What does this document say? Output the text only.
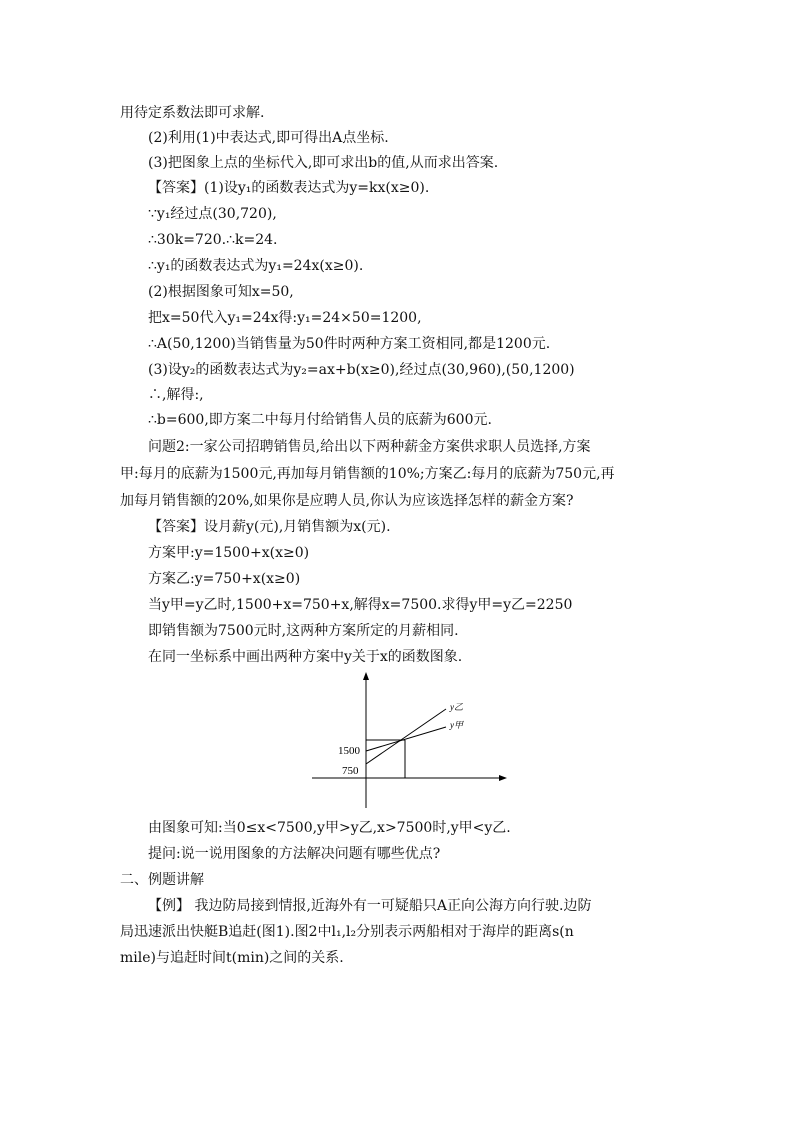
用待定系数法即可求解.
(2)利用(1)中表达式,即可得出A点坐标.
(3)把图象上点的坐标代入,即可求出b的值,从而求出答案.
【答案】(1)设y₁的函数表达式为y=kx(x≥0).
∵y₁经过点(30,720),
∴30k=720.∴k=24.
∴y₁的函数表达式为y₁=24x(x≥0).
(2)根据图象可知x=50,
把x=50代入y₁=24x得:y₁=24×50=1200,
∴A(50,1200)当销售量为50件时两种方案工资相同,都是1200元.
(3)设y₂的函数表达式为y₂=ax+b(x≥0),经过点(30,960),(50,1200)
∴,解得:,
∴b=600,即方案二中每月付给销售人员的底薪为600元.
问题2:一家公司招聘销售员,给出以下两种薪金方案供求职人员选择,方案
甲:每月的底薪为1500元,再加每月销售额的10%;方案乙:每月的底薪为750元,再
加每月销售额的20%,如果你是应聘人员,你认为应该选择怎样的薪金方案?
【答案】设月薪y(元),月销售额为x(元).
方案甲:y=1500+x(x≥0)
方案乙:y=750+x(x≥0)
当y甲=y乙时,1500+x=750+x,解得x=7500.求得y甲=y乙=2250
即销售额为7500元时,这两种方案所定的月薪相同.
在同一坐标系中画出两种方案中y关于x的函数图象.
1500
750
y乙
y甲
由图象可知:当0≤x<7500,y甲>y乙,x>7500时,y甲<y乙.
提问:说一说用图象的方法解决问题有哪些优点?
二、例题讲解
【例】 我边防局接到情报,近海外有一可疑船只A正向公海方向行驶.边防
局迅速派出快艇B追赶(图1).图2中l₁,l₂分别表示两船相对于海岸的距离s(n
mile)与追赶时间t(min)之间的关系.
